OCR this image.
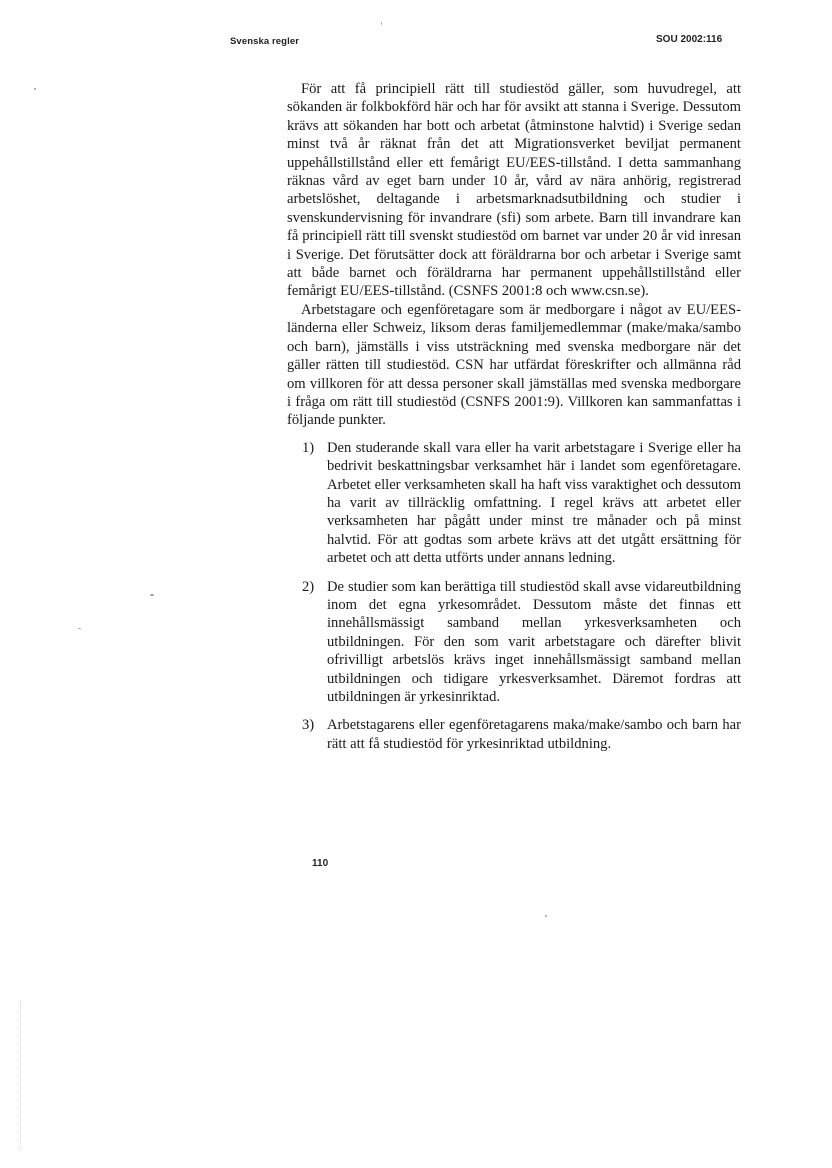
Svenska regler	SOU 2002:116

För att få principiell rätt till studiestöd gäller, som huvudregel, att sökanden är folkbokförd här och har för avsikt att stanna i Sverige. Dessutom krävs att sökanden har bott och arbetat (åtminstone halvtid) i Sverige sedan minst två år räknat från det att Migrationsverket beviljat permanent uppehållstillstånd eller ett femårigt EU/EES-tillstånd. I detta sammanhang räknas vård av eget barn under 10 år, vård av nära anhörig, registrerad arbetslöshet, deltagande i arbetsmarknadsutbildning och studier i svenskundervisning för invandrare (sfi) som arbete. Barn till invandrare kan få principiell rätt till svenskt studiestöd om barnet var under 20 år vid inresan i Sverige. Det förutsätter dock att föräldrarna bor och arbetar i Sverige samt att både barnet och föräldrarna har permanent uppehållstillstånd eller femårigt EU/EES-tillstånd. (CSNFS 2001:8 och www.csn.se).

Arbetstagare och egenföretagare som är medborgare i något av EU/EES-länderna eller Schweiz, liksom deras familjemedlemmar (make/maka/sambo och barn), jämställs i viss utsträckning med svenska medborgare när det gäller rätten till studiestöd. CSN har utfärdat föreskrifter och allmänna råd om villkoren för att dessa personer skall jämställas med svenska medborgare i fråga om rätt till studiestöd (CSNFS 2001:9). Villkoren kan sammanfattas i följande punkter.

1) Den studerande skall vara eller ha varit arbetstagare i Sverige eller ha bedrivit beskattningsbar verksamhet här i landet som egenföretagare. Arbetet eller verksamheten skall ha haft viss varaktighet och dessutom ha varit av tillräcklig omfattning. I regel krävs att arbetet eller verksamheten har pågått under minst tre månader och på minst halvtid. För att godtas som arbete krävs att det utgått ersättning för arbetet och att detta utförts under annans ledning.
2) De studier som kan berättiga till studiestöd skall avse vidareutbildning inom det egna yrkesområdet. Dessutom måste det finnas ett innehållsmässigt samband mellan yrkesverksamheten och utbildningen. För den som varit arbetstagare och därefter blivit ofrivilligt arbetslös krävs inget innehållsmässigt samband mellan utbildningen och tidigare yrkesverksamhet. Däremot fordras att utbildningen är yrkesinriktad.
3) Arbetstagarens eller egenföretagarens maka/make/sambo och barn har rätt att få studiestöd för yrkesinriktad utbildning.
110
